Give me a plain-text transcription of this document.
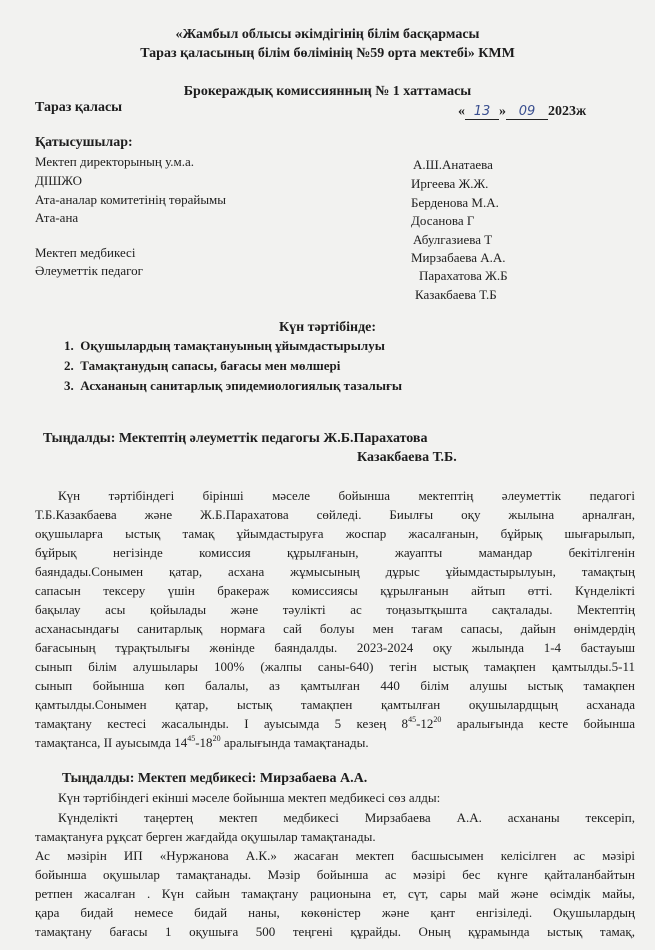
«Жамбыл облысы әкімдігінің білім басқармасы
Тараз қаласының білім бөлімінің №59 орта мектебі» КММ
Брокераждық комиссиянның № 1 хаттамасы
Тараз қаласы	« 13 » 09 2023ж
Қатысушылар:
Мектеп директорының у.м.а.
ДІШЖО
Ата-аналар комитетінің төрайымы
Ата-ана
Мектеп медбикесі
Әлеуметтік педагог
А.Ш.Анатаева
Иргеева Ж.Ж.
Берденова М.А.
Досанова Г
Абулгазиева Т
Мирзабаева А.А.
Парахатова Ж.Б
Казакбаева Т.Б
Күн тәртібінде:
1.  Оқушылардың тамақтануының ұйымдастырылуы
2.  Тамақтанудың сапасы, бағасы мен мөлшері
3.  Асхананың санитарлық эпидемиологиялық тазалығы
Тыңдалды: Мектептің әлеуметтік педагогы Ж.Б.Парахатова
Казакбаева Т.Б.
Күн тәртібіндегі бірінші мәселе бойынша мектептің әлеуметтік педагогі
Т.Б.Казакбаева және Ж.Б.Парахатова сөйледі. Биылғы оқу жылына арналған,
оқушыларға ыстық тамақ ұйымдастыруға жоспар жасалғанын, бұйрық шығарылып,
бұйрық негізінде комиссия құрылғанын, жауапты мамандар бекітілгенін
баяндады.Сонымен қатар, асхана жұмысының дұрыс ұйымдастырылуын, тамақтың
сапасын тексеру үшін бракераж комиссиясы құрылғанын айтып өтті. Күнделікті
бақылау асы қойылады және тәулікті ас тоңазытқышта сақталады. Мектептің
асханасындағы санитарлық нормаға сай болуы мен тағам сапасы, дайын өнімдердің
бағасының тұрақтылығы жөнінде баяндалды. 2023-2024 оқу жылында 1-4 бастауыш
сынып білім алушылары 100% (жалпы саны-640) тегін ыстық тамақпен қамтылды.5-11
сынып бойынша көп балалы, аз қамтылған 440 білім алушы ыстық тамақпен
қамтылды.Сонымен қатар, ыстық тамақпен қамтылған оқушылардщың асханада
тамақтану кестесі жасалынды. I ауысымда 5 кезең $8^{45}-12^{20}$ аралығында кесте бойынша
тамақтанса, II ауысымда $14^{45}-18^{20}$ аралығында тамақтанады.
Тыңдалды: Мектеп медбикесі: Мирзабаева А.А.
Күн тәртібіндегі екінші мәселе бойынша мектеп медбикесі сөз алды:
Күнделікті таңертең мектеп медбикесі Мирзабаева А.А. асхананы тексеріп,
тамақтануға рұқсат берген жағдайда оқушылар тамақтанады.
Ас мәзірін ИП «Нуржанова А.К.» жасаған мектеп басшысымен келісілген ас мәзірі
бойынша оқушылар тамақтанады. Мәзір бойынша ас мәзірі бес күнге қайталанбайтын
ретпен жасалған . Күн сайын тамақтану рационына ет, сүт, сары май және өсімдік майы,
қара бидай немесе бидай наны, көкөністер және қант енгізіледі. Оқушылардың
тамақтану бағасы 1 оқушыға 500 теңгені құрайды. Оның құрамында ыстық тамақ,
